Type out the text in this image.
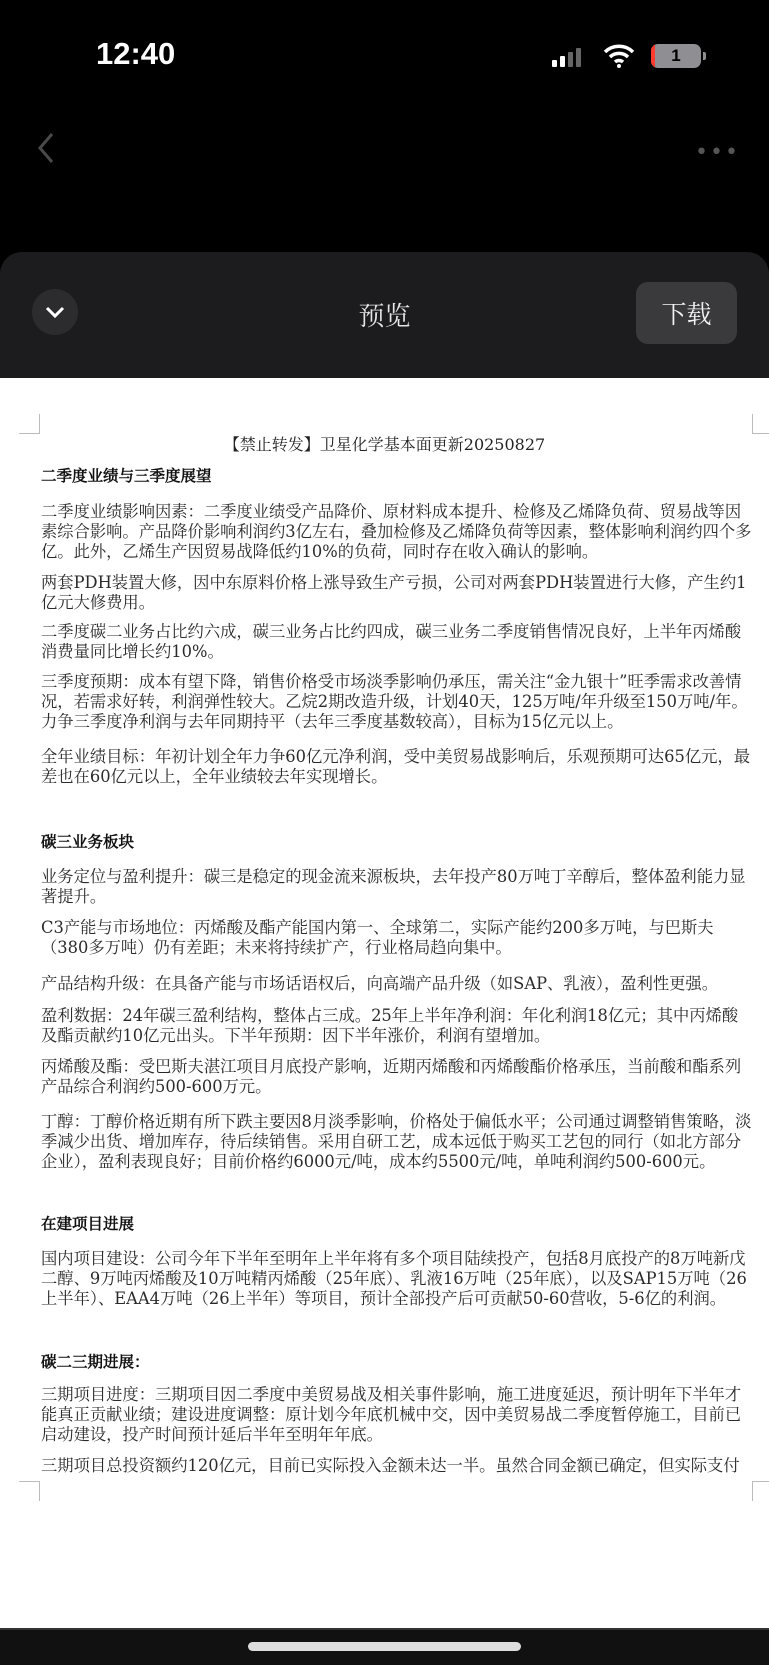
12:40	1
•••
预览	下载
【禁止转发】卫星化学基本面更新20250827
二季度业绩与三季度展望
二季度业绩影响因素：二季度业绩受产品降价、原材料成本提升、检修及乙烯降负荷、贸易战等因素综合影响。产品降价影响利润约3亿左右，叠加检修及乙烯降负荷等因素，整体影响利润约四个多亿。此外，乙烯生产因贸易战降低约10%的负荷，同时存在收入确认的影响。
两套PDH装置大修，因中东原料价格上涨导致生产亏损，公司对两套PDH装置进行大修，产生约1亿元大修费用。
二季度碳二业务占比约六成，碳三业务占比约四成，碳三业务二季度销售情况良好，上半年丙烯酸消费量同比增长约10%。
三季度预期：成本有望下降，销售价格受市场淡季影响仍承压，需关注“金九银十”旺季需求改善情况，若需求好转，利润弹性较大。乙烷2期改造升级，计划40天，125万吨/年升级至150万吨/年。力争三季度净利润与去年同期持平（去年三季度基数较高），目标为15亿元以上。
全年业绩目标：年初计划全年力争60亿元净利润，受中美贸易战影响后，乐观预期可达65亿元，最差也在60亿元以上，全年业绩较去年实现增长。
碳三业务板块
业务定位与盈利提升：碳三是稳定的现金流来源板块，去年投产80万吨丁辛醇后，整体盈利能力显著提升。
C3产能与市场地位：丙烯酸及酯产能国内第一、全球第二，实际产能约200多万吨，与巴斯夫（380多万吨）仍有差距；未来将持续扩产，行业格局趋向集中。
产品结构升级：在具备产能与市场话语权后，向高端产品升级（如SAP、乳液），盈利性更强。
盈利数据：24年碳三盈利结构，整体占三成。25年上半年净利润：年化利润18亿元；其中丙烯酸及酯贡献约10亿元出头。下半年预期：因下半年涨价，利润有望增加。
丙烯酸及酯：受巴斯夫湛江项目月底投产影响，近期丙烯酸和丙烯酸酯价格承压，当前酸和酯系列产品综合利润约500-600万元。
丁醇：丁醇价格近期有所下跌主要因8月淡季影响，价格处于偏低水平；公司通过调整销售策略，淡季减少出货、增加库存，待后续销售。采用自研工艺，成本远低于购买工艺包的同行（如北方部分企业），盈利表现良好；目前价格约6000元/吨，成本约5500元/吨，单吨利润约500-600元。
在建项目进展
国内项目建设：公司今年下半年至明年上半年将有多个项目陆续投产，包括8月底投产的8万吨新戊二醇、9万吨丙烯酸及10万吨精丙烯酸（25年底）、乳液16万吨（25年底），以及SAP15万吨（26上半年）、EAA4万吨（26上半年）等项目，预计全部投产后可贡献50-60营收，5-6亿的利润。
碳二三期进展：
三期项目进度：三期项目因二季度中美贸易战及相关事件影响，施工进度延迟，预计明年下半年才能真正贡献业绩；建设进度调整：原计划今年底机械中交，因中美贸易战二季度暂停施工，目前已启动建设，投产时间预计延后半年至明年年底。
三期项目总投资额约120亿元，目前已实际投入金额未达一半。虽然合同金额已确定，但实际支付
